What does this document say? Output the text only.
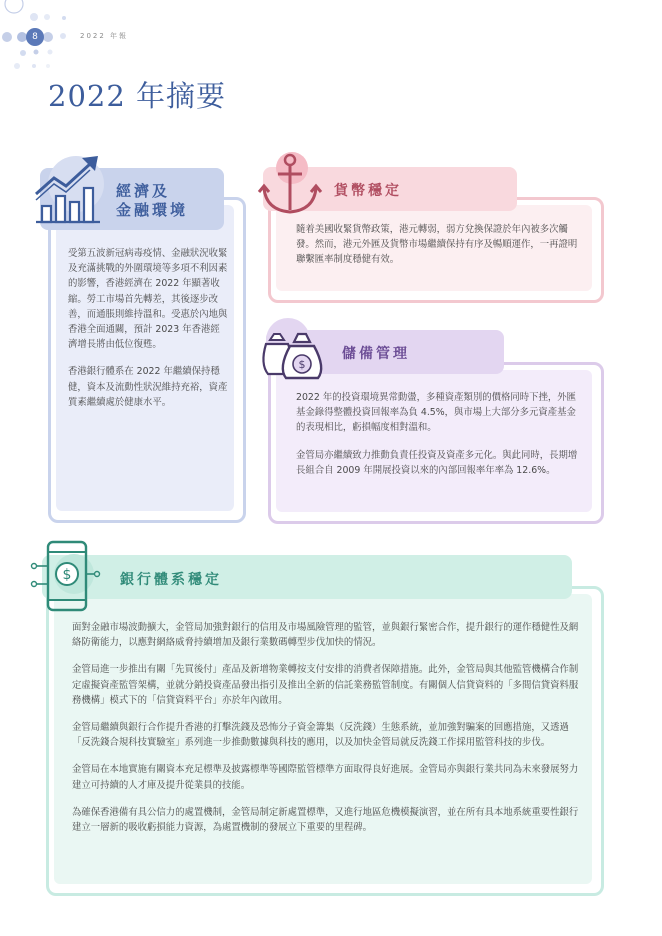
8	2022 年報
2022 年摘要
經濟及
金融環境

受第五波新冠病毒疫情、金融狀況收緊及充滿挑戰的外圍環境等多項不利因素的影響，香港經濟在 2022 年顯著收縮。勞工市場首先轉差，其後逐步改善，而通脹則維持溫和。受惠於內地與香港全面通關，預計 2023 年香港經濟增長將由低位復甦。

香港銀行體系在 2022 年繼續保持穩健，資本及流動性狀況維持充裕，資產質素繼續處於健康水平。

貨幣穩定

隨着美國收緊貨幣政策，港元轉弱，弱方兌換保證於年內被多次觸發。然而，港元外匯及貨幣市場繼續保持有序及暢順運作，一再證明聯繫匯率制度穩健有效。

$
儲備管理

2022 年的投資環境異常動盪，多種資產類別的價格同時下挫，外匯基金錄得整體投資回報率為負 4.5%，與市場上大部分多元資產基金的表現相比，虧損幅度相對溫和。

金管局亦繼續致力推動負責任投資及資產多元化。與此同時，長期增長組合自 2009 年開展投資以來的內部回報率年率為 12.6%。

$	銀行體系穩定

面對金融市場波動擴大，金管局加強對銀行的信用及市場風險管理的監管，並與銀行緊密合作，提升銀行的運作穩健性及網絡防衛能力，以應對網絡威脅持續增加及銀行業數碼轉型步伐加快的情況。

金管局進一步推出有關「先買後付」產品及新增物業轉按支付安排的消費者保障措施。此外，金管局與其他監管機構合作制定虛擬資產監管架構，並就分銷投資產品發出指引及推出全新的信託業務監管制度。有關個人信貸資料的「多間信貸資料服務機構」模式下的「信貸資料平台」亦於年內啟用。

金管局繼續與銀行合作提升香港的打擊洗錢及恐怖分子資金籌集（反洗錢）生態系統，並加強對騙案的回應措施，又透過「反洗錢合規科技實驗室」系列進一步推動數據與科技的應用，以及加快金管局就反洗錢工作採用監管科技的步伐。

金管局在本地實施有關資本充足標準及披露標準等國際監管標準方面取得良好進展。金管局亦與銀行業共同為未來發展努力建立可持續的人才庫及提升從業員的技能。

為確保香港備有具公信力的處置機制，金管局制定新處置標準，又進行地區危機模擬演習，並在所有具本地系統重要性銀行建立一層新的吸收虧損能力資源，為處置機制的發展立下重要的里程碑。
